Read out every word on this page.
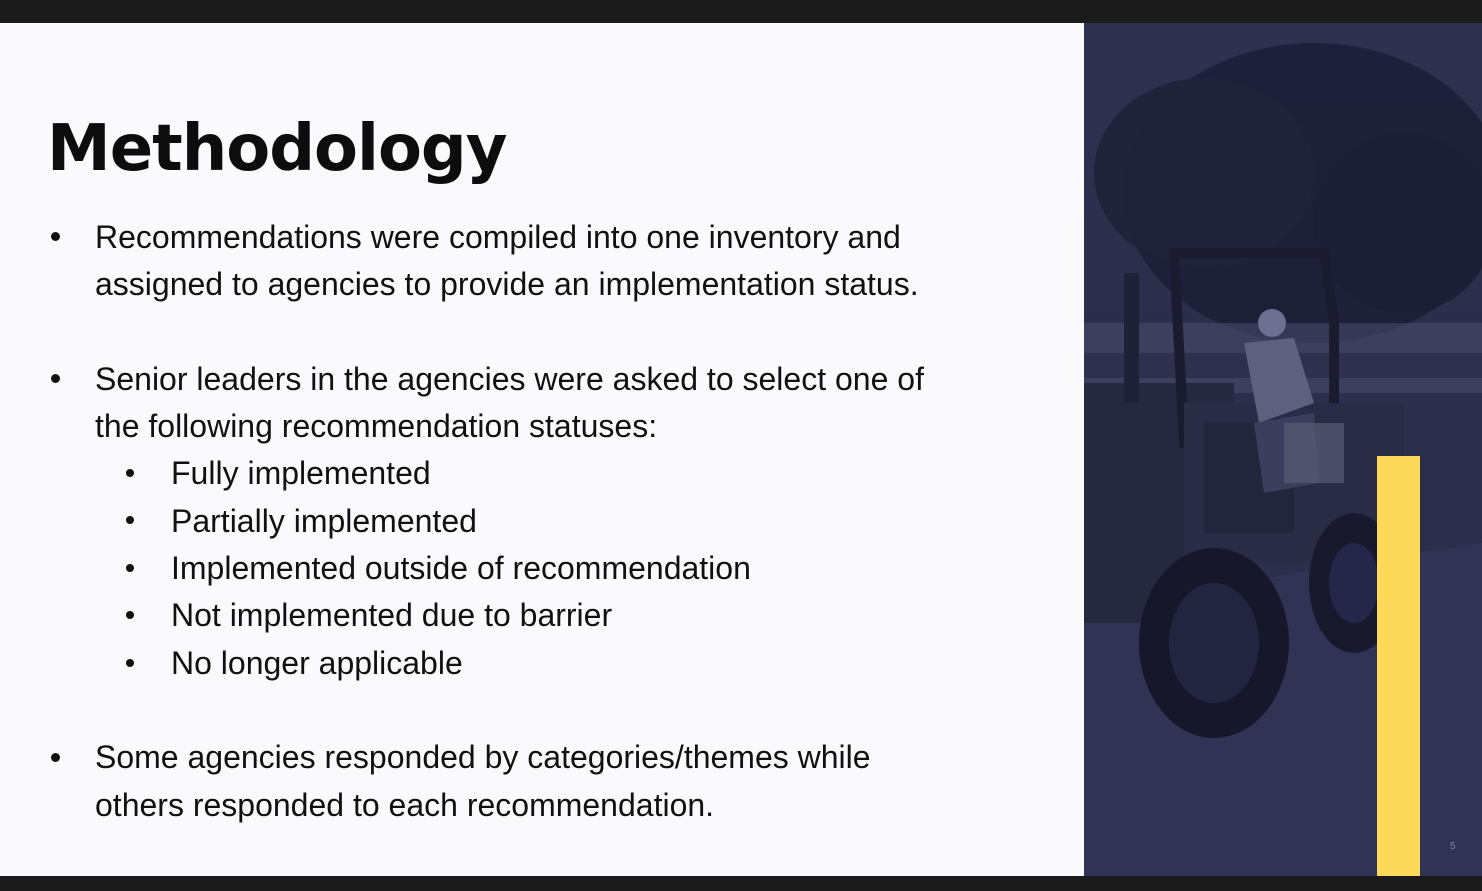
Methodology
Recommendations were compiled into one inventory and
assigned to agencies to provide an implementation status.
Senior leaders in the agencies were asked to select one of
the following recommendation statuses:
Fully implemented
Partially implemented
Implemented outside of recommendation
Not implemented due to barrier
No longer applicable
Some agencies responded by categories/themes while
others responded to each recommendation.
5
